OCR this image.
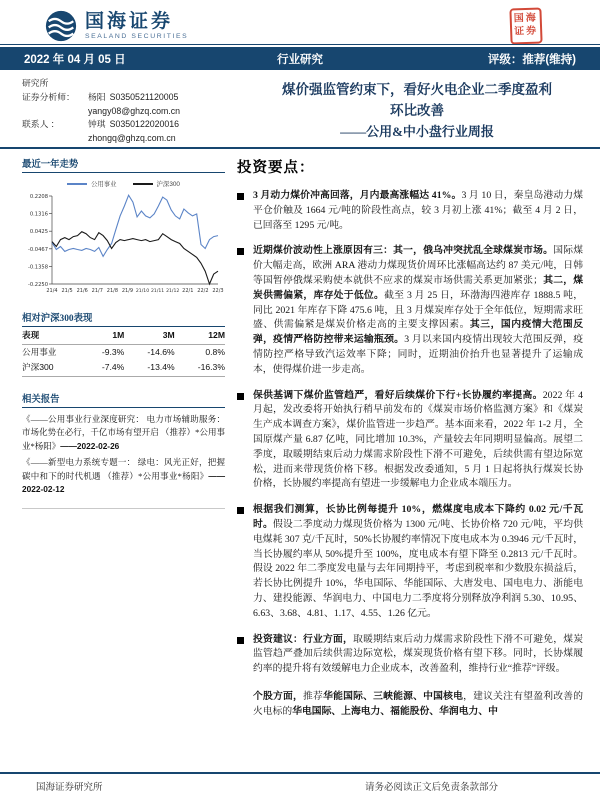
国海证券
SEALAND SECURITIES
国海
证券
2022 年 04 月 05 日	行业研究	评级：推荐(维持)
研究所
证券分析师：	杨阳 S0350521120005
yangy08@ghzq.com.cn
联系人 ：	钟琪 S0350122020016
zhongq@ghzq.com.cn
煤价强监管约束下，看好火电企业二季度盈利
环比改善
——公用&中小盘行业周报
最近一年走势
公用事业	沪深300
0.2208
0.1316
0.0425
-0.0467
-0.1358
-0.2250
21/4 21/5 21/6 21/7 21/8 21/9 21/10 21/11 21/12 22/1 22/2 22/3
相对沪深300表现
表现	1M	3M	12M
公用事业	-9.3%	-14.6%	0.8%
沪深300	-7.4%	-13.4%	-16.3%
相关报告
《——公用事业行业深度研究： 电力市场辅助服务：市场化势在必行，千亿市场有望开启 （推荐）*公用事业*杨阳》——2022-02-26
《——新型电力系统专题一： 绿电：风光正好，把握碳中和下的时代机遇 （推荐）*公用事业*杨阳》——2022-02-12
投资要点：

3 月动力煤价冲高回落，月内最高涨幅达 41%。3 月 10 日，秦皇岛港动力煤平仓价触及 1664 元/吨的阶段性高点，较 3 月初上涨 41%；截至 4 月 2 日，已回落至 1295 元/吨。

近期煤价波动性上涨原因有三：其一，俄乌冲突扰乱全球煤炭市场。国际煤价大幅走高，欧洲 ARA 港动力煤现货价周环比涨幅高达约 87 美元/吨，日韩等国暂停俄煤采购使本就供不应求的煤炭市场供需关系更加紧张；其二，煤炭供需偏紧，库存处于低位。截至 3 月 25 日，环渤海四港库存 1888.5 吨，同比 2021 年库存下降 475.6 吨，且 3 月煤炭库存处于全年低位，短期需求旺盛、供需偏紧是煤炭价格走高的主要支撑因素。其三，国内疫情大范围反弹，疫情严格防控带来运输瓶颈。3 月以来国内疫情出现较大范围反弹，疫情防控严格导致汽运效率下降；同时，近期油价抬升也显著提升了运输成本，使得煤价进一步走高。

保供基调下煤价监管趋严，看好后续煤价下行+长协履约率提高。2022 年 4 月起，发改委将开始执行稍早前发布的《煤炭市场价格监测方案》和《煤炭生产成本调查方案》，煤价监管进一步趋严。基本面来看，2022 年 1-2 月，全国原煤产量 6.87 亿吨，同比增加 10.3%，产量较去年同期明显偏高。展望二季度，取暖期结束后动力煤需求阶段性下滑不可避免，后续供需有望边际宽松，进而来带现货价格下移。根据发改委通知，5 月 1 日起将执行煤炭长协价格，长协履约率提高有望进一步缓解电力企业成本端压力。

根据我们测算，长协比例每提升 10%，燃煤度电成本下降约 0.02 元/千瓦时。假设二季度动力煤现货价格为 1300 元/吨、长协价格 720 元/吨，平均供电煤耗 307 克/千瓦时，50%长协履约率情况下度电成本为 0.3946 元/千瓦时，当长协履约率从 50%提升至 100%，度电成本有望下降至 0.2813 元/千瓦时。假设 2022 年二季度发电量与去年同期持平，考虑到税率和少数股东损益后，若长协比例提升 10%，华电国际、华能国际、大唐发电、国电电力、浙能电力、建投能源、华润电力、中国电力二季度将分别释放净利润 5.30、10.95、6.63、3.68、4.81、1.17、4.55、1.26 亿元。

投资建议：行业方面，取暖期结束后动力煤需求阶段性下滑不可避免，煤炭监管趋严叠加后续供需边际宽松，煤炭现货价格有望下移。同时，长协煤履约率的提升将有效缓解电力企业成本，改善盈利，维持行业“推荐”评级。

个股方面，推荐华能国际、三峡能源、中国核电，建议关注有望盈利改善的火电标的华电国际、上海电力、福能股份、华润电力、中

国海证券研究所	请务必阅读正文后免责条款部分
